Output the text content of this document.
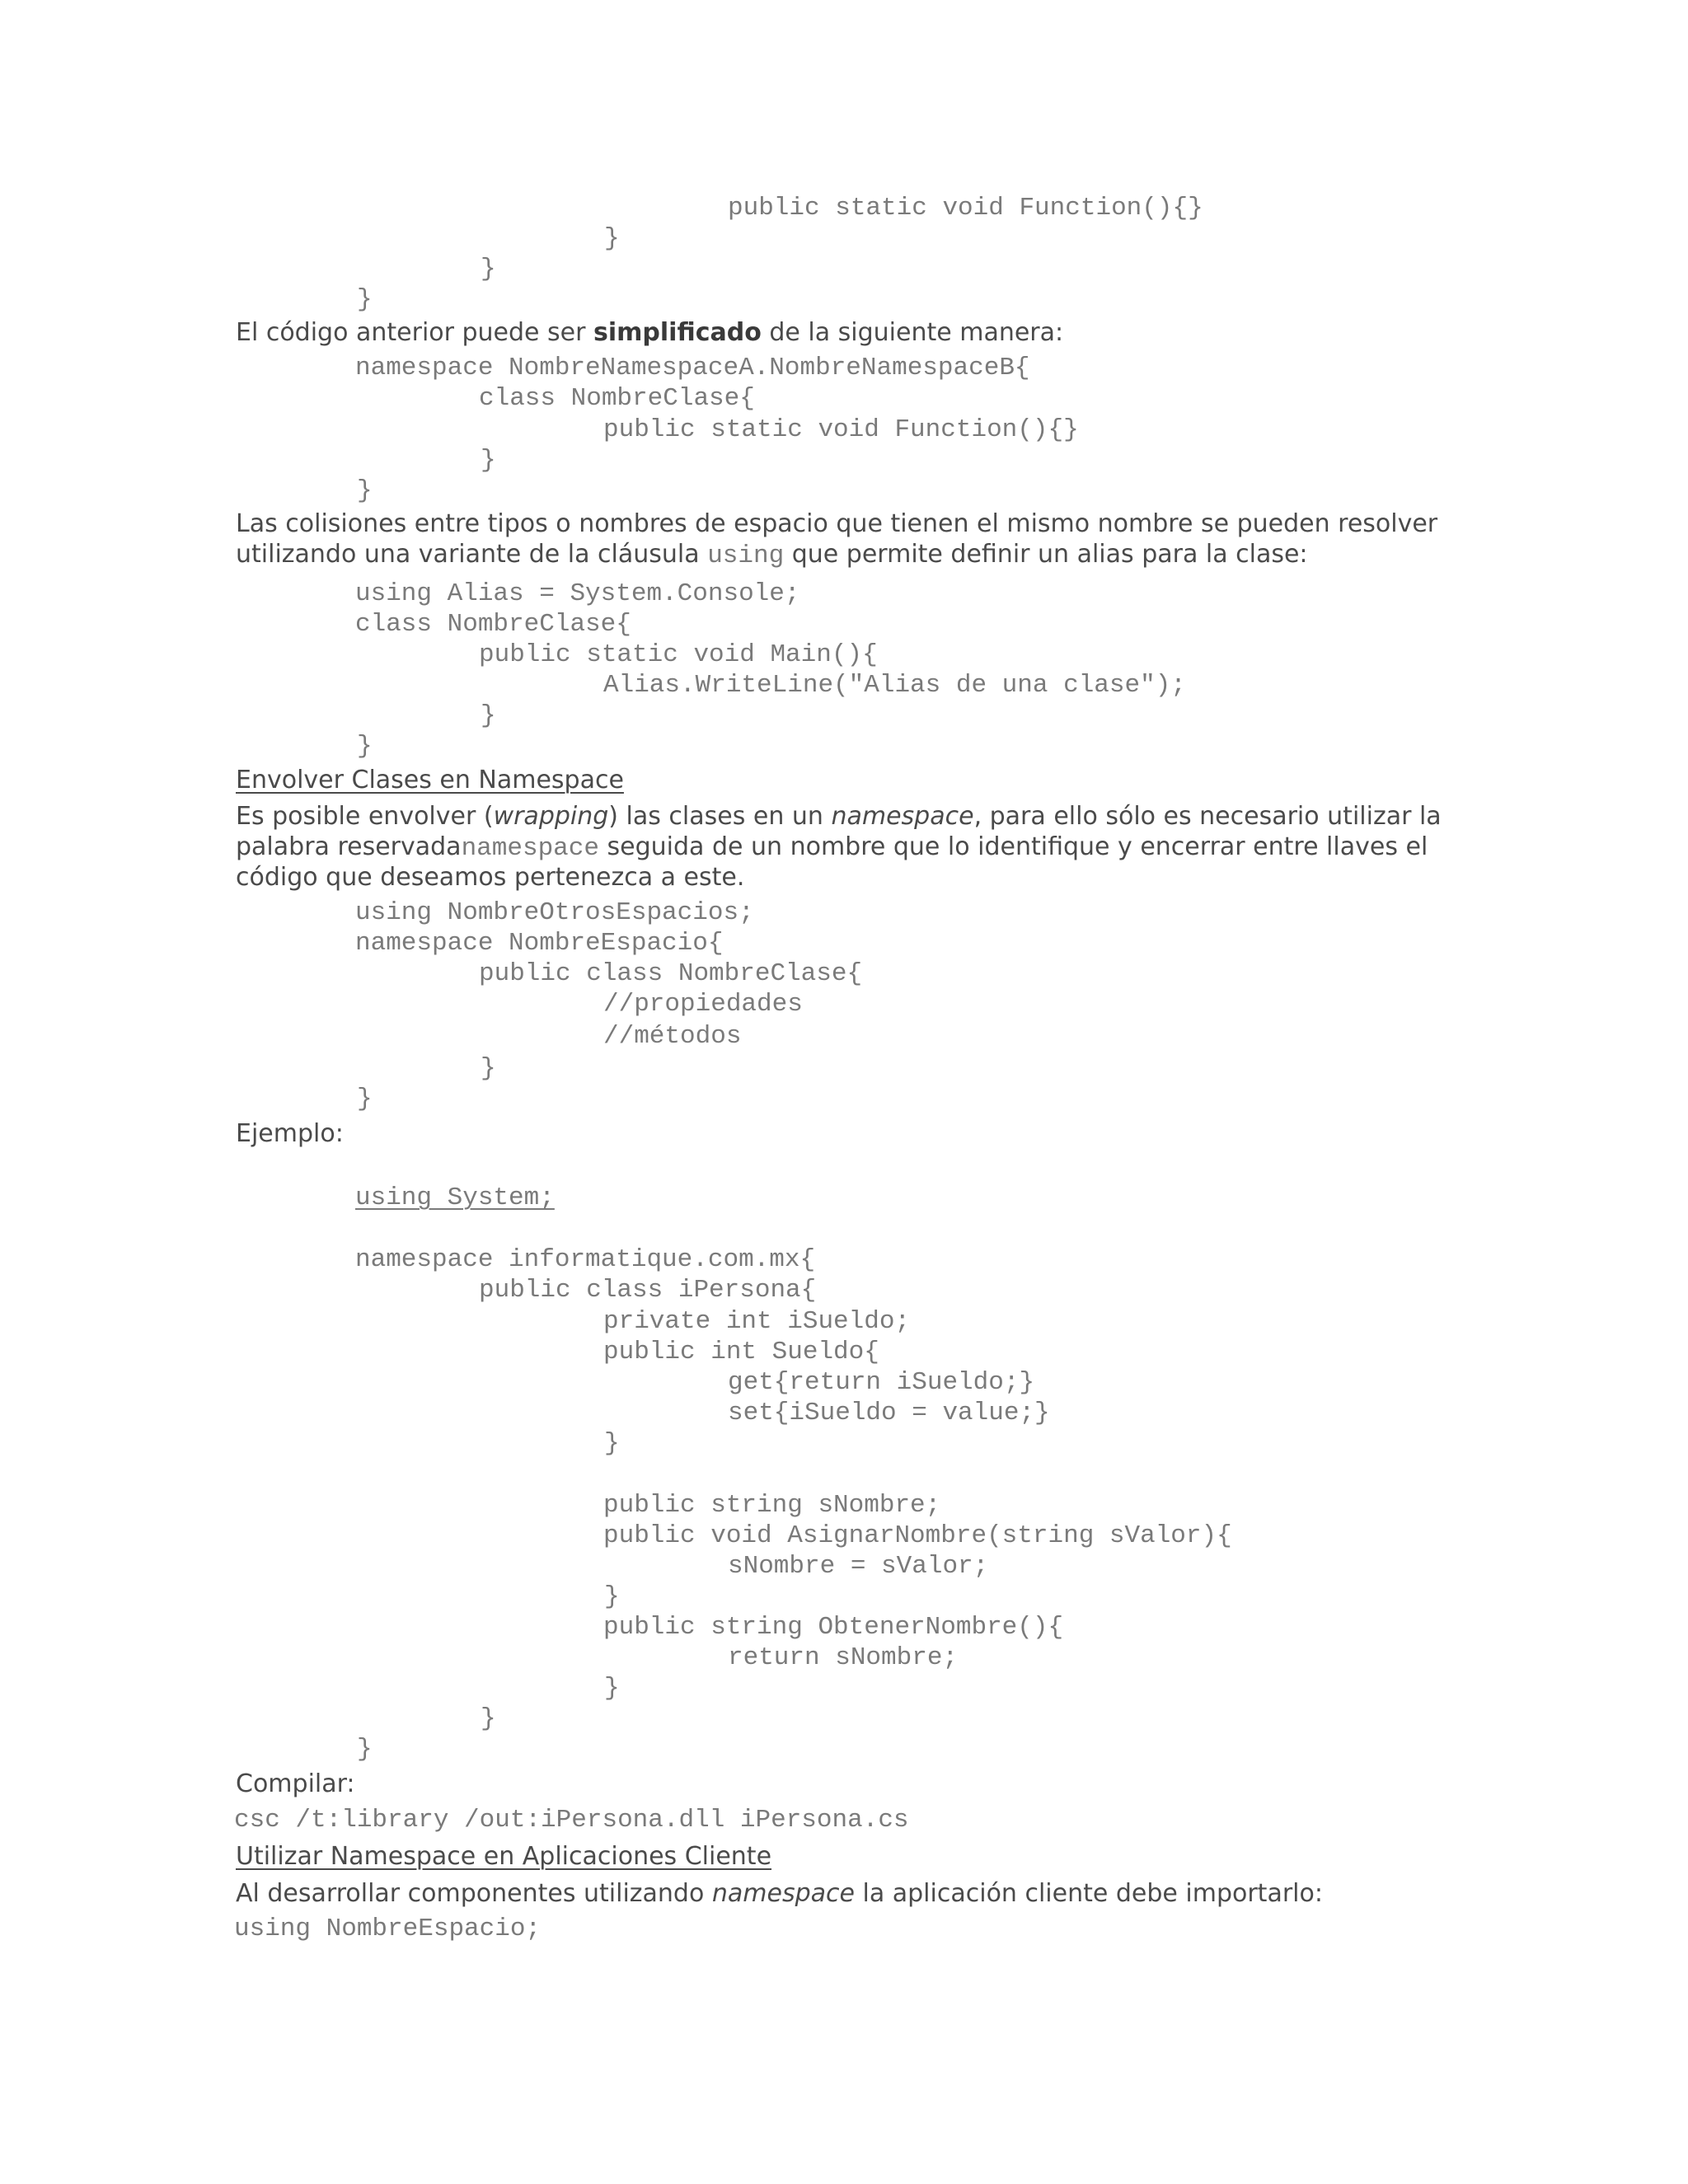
public static void Function(){}
}
}
}
El código anterior puede ser simplificado de la siguiente manera:
namespace NombreNamespaceA.NombreNamespaceB{
class NombreClase{
public static void Function(){}
}
}
Las colisiones entre tipos o nombres de espacio que tienen el mismo nombre se pueden resolver
utilizando una variante de la cláusula using que permite definir un alias para la clase:
using Alias = System.Console;
class NombreClase{
public static void Main(){
Alias.WriteLine("Alias de una clase");
}
}
Envolver Clases en Namespace
Es posible envolver (wrapping) las clases en un namespace, para ello sólo es necesario utilizar la
palabra reservadanamespace seguida de un nombre que lo identifique y encerrar entre llaves el
código que deseamos pertenezca a este.
using NombreOtrosEspacios;
namespace NombreEspacio{
public class NombreClase{
//propiedades
//métodos
}
}
Ejemplo:
using System;
namespace informatique.com.mx{
public class iPersona{
private int iSueldo;
public int Sueldo{
get{return iSueldo;}
set{iSueldo = value;}
}
public string sNombre;
public void AsignarNombre(string sValor){
sNombre = sValor;
}
public string ObtenerNombre(){
return sNombre;
}
}
}
Compilar:
csc /t:library /out:iPersona.dll iPersona.cs
Utilizar Namespace en Aplicaciones Cliente
Al desarrollar componentes utilizando namespace la aplicación cliente debe importarlo:
using NombreEspacio;
